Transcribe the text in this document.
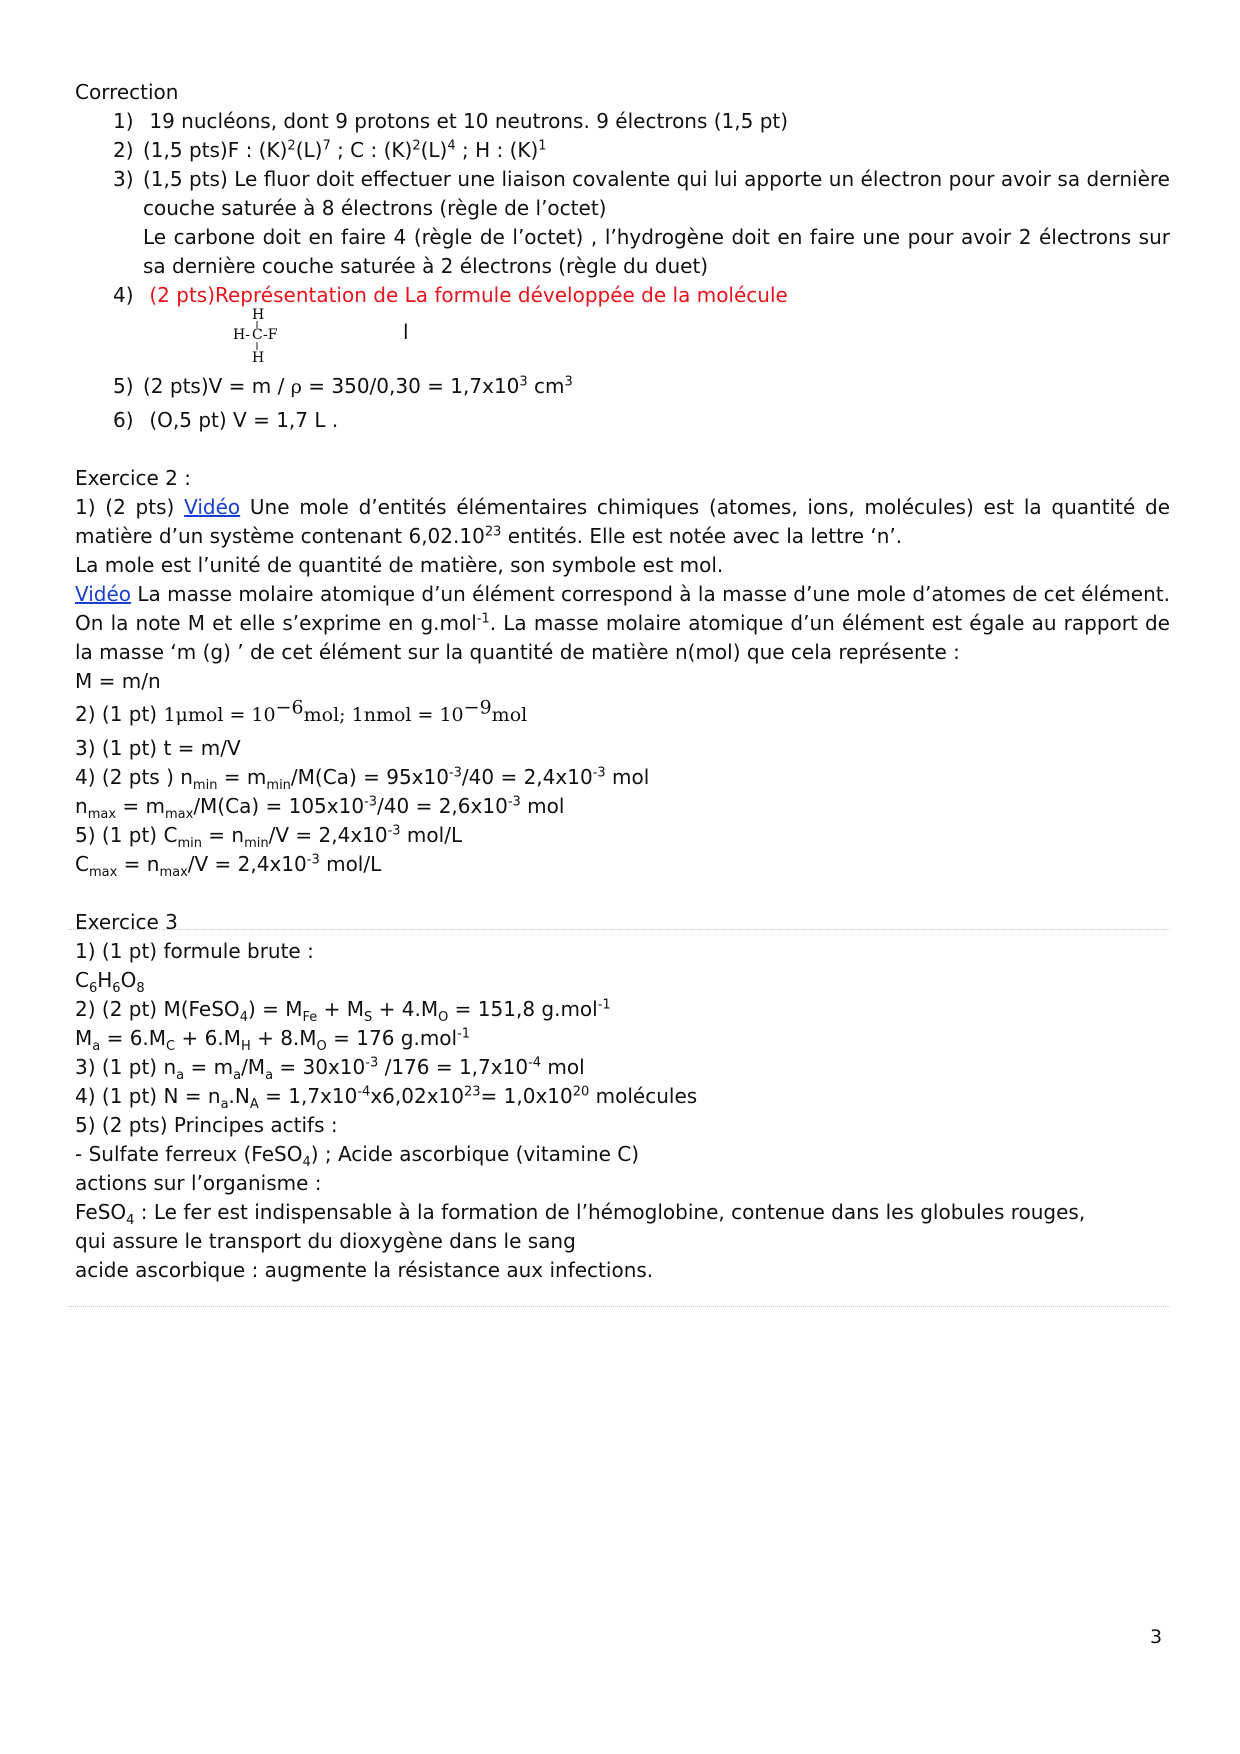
Correction
1) 19 nucléons, dont 9 protons et 10 neutrons. 9 électrons (1,5 pt)
2) (1,5 pts)F : $(K)^2(L)^7$ ; C : $(K)^2(L)^4$ ; H : $(K)^1$
3) (1,5 pts) Le fluor doit effectuer une liaison covalente qui lui apporte un électron pour avoir sa dernière couche saturée à 8 électrons (règle de l’octet)
Le carbone doit en faire 4 (règle de l’octet) , l’hydrogène doit en faire une pour avoir 2 électrons sur sa dernière couche saturée à 2 électrons (règle du duet)
4) (2 pts)Représentation de La formule développée de la molécule
H
H- C -F
H
l
5) (2 $pts)V = m / \rho = 350/0,30 = 1,7x10^3$ $cm^3$
6) (O,5 pt) V = 1,7 L .
Exercice 2 :
1) (2 pts) Vidéo Une mole d’entités élémentaires chimiques (atomes, ions, molécules) est la quantité de matière d’un système contenant 6,02.10$^{23}$ entités. Elle est notée avec la lettre ‘n’.
La mole est l’unité de quantité de matière, son symbole est mol.
Vidéo La masse molaire atomique d’un élément correspond à la masse d’une mole d’atomes de cet élément. On la note M et elle s’exprime en g.mol$^{-1}$. La masse molaire atomique d’un élément est égale au rapport de la masse ‘m (g) ’ de cet élément sur la quantité de matière n(mol) que cela représente :
M = m/n
2) (1 pt) $1\mu mol = 10^{-6}mol$; 1nmol = $10^{-9}mol$
3) (1 pt) t = m/V
4) (2 pts ) $n_{min} = m_{min}/M(Ca) = 95x10^{-3}/40 = 2,4x10^{-3}$ mol
$n_{max} = m_{max}/M(Ca) = 105x10^{-3}/40 = 2,6x10^{-3}$ mol
5) (1 pt) $C_{min} = n_{min}/V = 2,4x10^{-3}$ mol/L
$C_{max} = n_{max}/V = 2,4x10^{-3}$ mol/L
Exercice 3
1) (1 pt) formule brute :
$C_6H_6O_8$
2) (2 pt) M(FeSO$_4$) = $M_{Fe} + M_S + 4.M_O = 151,8$ g.mol$^{-1}$
$M_a = 6.M_C + 6.M_H + 8.M_O = 176$ g.mol$^{-1}$
3) (1 pt) $n_a = m_a/M_a = 30x10^{-3}$ $/176 = 1,7x10^{-4}$ mol
4) (1 pt) $N = n_a.N_A = 1,7x10^{-4}x6,02x10^{23}= 1,0x10^{20}$ molécules
5) (2 pts) Principes actifs :
- Sulfate ferreux (FeSO$_4$) ; Acide ascorbique (vitamine C)
actions sur l’organisme :
FeSO$_4$ : Le fer est indispensable à la formation de l’hémoglobine, contenue dans les globules rouges,
qui assure le transport du dioxygène dans le sang
acide ascorbique : augmente la résistance aux infections.
3
